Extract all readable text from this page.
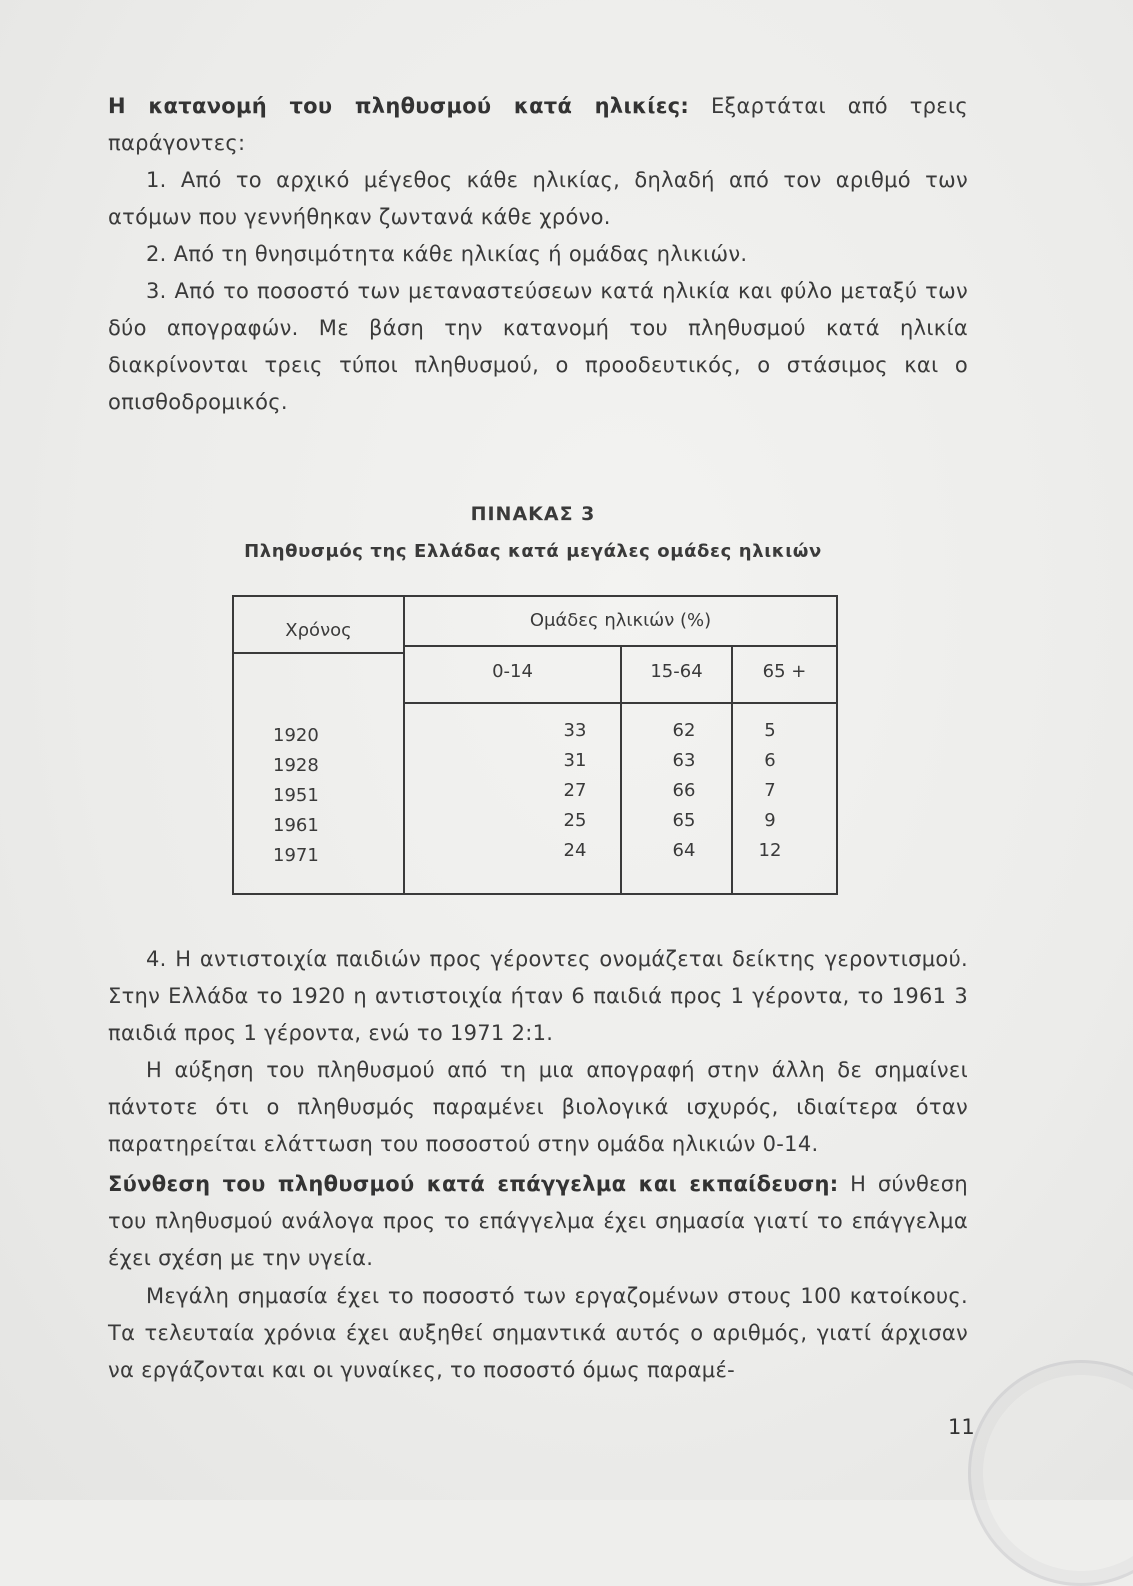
Η κατανομή του πληθυσμού κατά ηλικίες: Εξαρτάται από τρεις παράγοντες:

1. Από το αρχικό μέγεθος κάθε ηλικίας, δηλαδή από τον αριθμό των ατόμων που γεννήθηκαν ζωντανά κάθε χρόνο.

2. Από τη θνησιμότητα κάθε ηλικίας ή ομάδας ηλικιών.

3. Από το ποσοστό των μεταναστεύσεων κατά ηλικία και φύλο μεταξύ των δύο απογραφών. Με βάση την κατανομή του πληθυσμού κατά ηλικία διακρίνονται τρεις τύποι πληθυσμού, ο προοδευτικός, ο στάσιμος και ο οπισθοδρομικός.

ΠΙΝΑΚΑΣ 3
Πληθυσμός της Ελλάδας κατά μεγάλες ομάδες ηλικιών
Χρόνος	Ομάδες ηλικιών (%)
0-14	15-64	65 +
1920	33	62	5
1928	31	63	6
1951	27	66	7
1961	25	65	9
1971	24	64	12

4. Η αντιστοιχία παιδιών προς γέροντες ονομάζεται δείκτης γεροντισμού. Στην Ελλάδα το 1920 η αντιστοιχία ήταν 6 παιδιά προς 1 γέροντα, το 1961 3 παιδιά προς 1 γέροντα, ενώ το 1971 2:1.

Η αύξηση του πληθυσμού από τη μια απογραφή στην άλλη δε σημαίνει πάντοτε ότι ο πληθυσμός παραμένει βιολογικά ισχυρός, ιδιαίτερα όταν παρατηρείται ελάττωση του ποσοστού στην ομάδα ηλικιών 0-14.

Σύνθεση του πληθυσμού κατά επάγγελμα και εκπαίδευση: Η σύνθεση του πληθυσμού ανάλογα προς το επάγγελμα έχει σημασία γιατί το επάγγελμα έχει σχέση με την υγεία.

Μεγάλη σημασία έχει το ποσοστό των εργαζομένων στους 100 κατοίκους. Τα τελευταία χρόνια έχει αυξηθεί σημαντικά αυτός ο αριθμός, γιατί άρχισαν να εργάζονται και οι γυναίκες, το ποσοστό όμως παραμέ-

11
